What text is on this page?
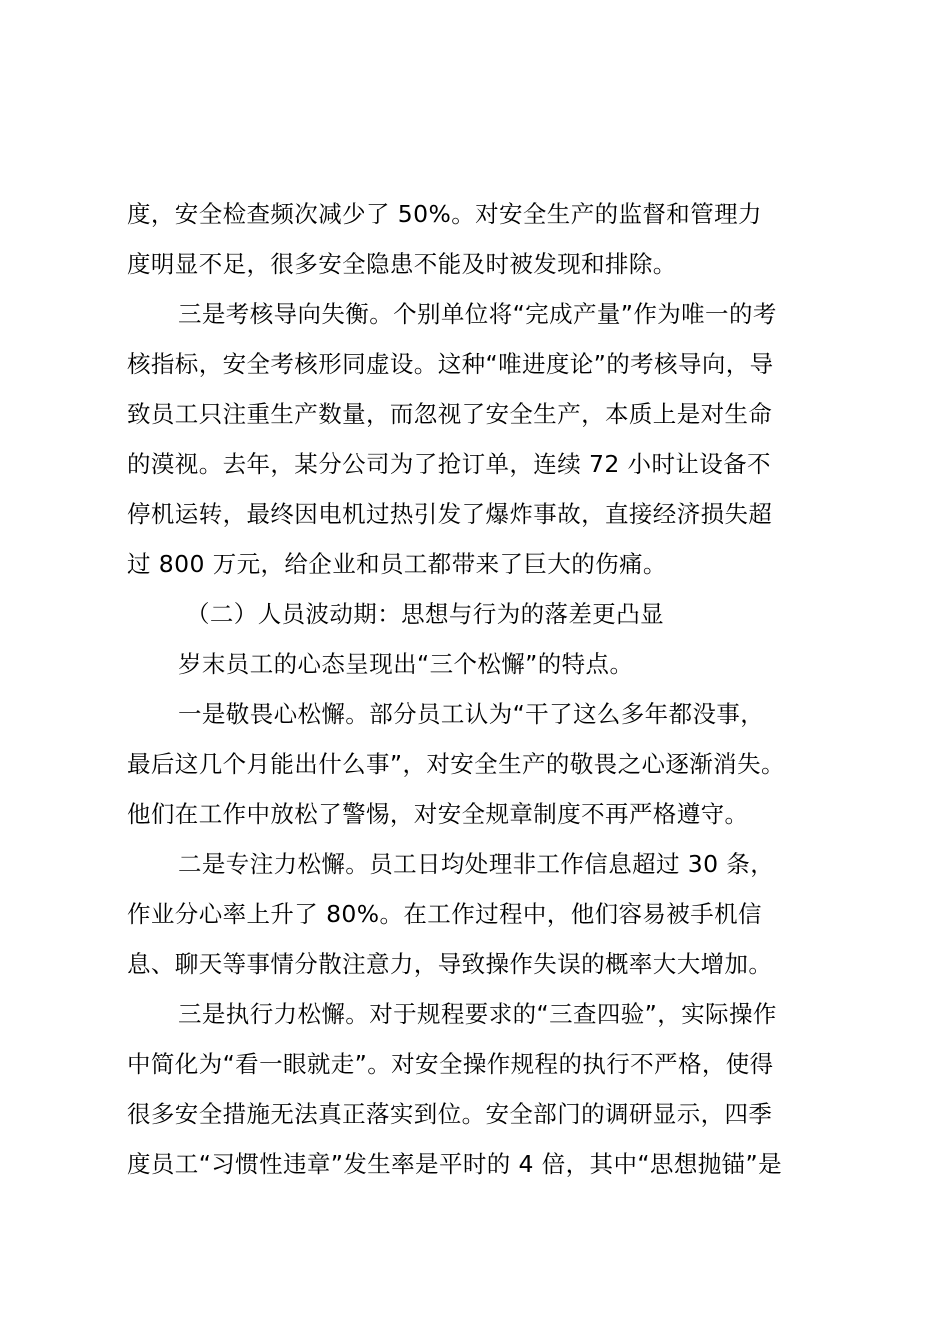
度，安全检查频次减少了 50%。对安全生产的监督和管理力
度明显不足，很多安全隐患不能及时被发现和排除。
三是考核导向失衡。个别单位将“完成产量”作为唯一的考
核指标，安全考核形同虚设。这种“唯进度论”的考核导向，导
致员工只注重生产数量，而忽视了安全生产，本质上是对生命
的漠视。去年，某分公司为了抢订单，连续 72 小时让设备不
停机运转，最终因电机过热引发了爆炸事故，直接经济损失超
过 800 万元，给企业和员工都带来了巨大的伤痛。
（二）人员波动期：思想与行为的落差更凸显
岁末员工的心态呈现出“三个松懈”的特点。
一是敬畏心松懈。部分员工认为“干了这么多年都没事，
最后这几个月能出什么事”，对安全生产的敬畏之心逐渐消失。
他们在工作中放松了警惕，对安全规章制度不再严格遵守。
二是专注力松懈。员工日均处理非工作信息超过 30 条，
作业分心率上升了 80%。在工作过程中，他们容易被手机信
息、聊天等事情分散注意力，导致操作失误的概率大大增加。
三是执行力松懈。对于规程要求的“三查四验”，实际操作
中简化为“看一眼就走”。对安全操作规程的执行不严格，使得
很多安全措施无法真正落实到位。安全部门的调研显示，四季
度员工“习惯性违章”发生率是平时的 4 倍，其中“思想抛锚”是
